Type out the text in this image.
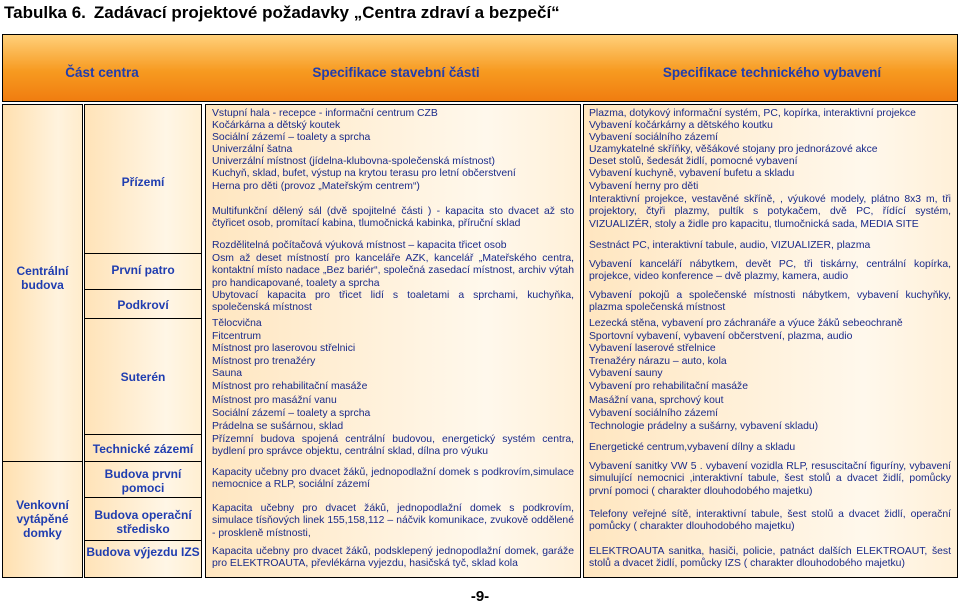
Tabulka 6. Zadávací projektové požadavky „Centra zdraví a bezpečí“
Část centra	Specifikace stavební části	Specifikace technického vybavení
Centrální budova
Venkovní vytápěné domky
Přízemí
První patro
Podkroví
Suterén
Technické zázemí
Budova první pomoci
Budova operační středisko
Budova výjezdu IZS
Vstupní hala - recepce - informační centrum CZB
Kočárkárna a dětský koutek
Sociální zázemí – toalety a sprcha
Univerzální šatna
Univerzální místnost (jídelna-klubovna-společenská místnost)
Kuchyň, sklad, bufet, výstup na krytou terasu pro letní občerstvení
Herna pro děti (provoz „Mateřským centrem“)
Multifunkční dělený sál (dvě spojitelné části ) - kapacita sto dvacet až sto čtyřicet osob, promítací kabina, tlumočnická kabinka, příruční sklad
Rozdělitelná počítačová výuková místnost – kapacita třicet osob
Osm až deset místností pro kanceláře AZK, kancelář „Mateřského centra, kontaktní místo nadace „Bez bariér“, společná zasedací místnost, archiv výtah pro handicapované, toalety a sprcha
Ubytovací kapacita pro třicet lidí s toaletami a sprchami, kuchyňka, společenská místnost
Tělocvična
Fitcentrum
Místnost pro laserovou střelnici
Místnost pro trenažéry
Sauna
Místnost pro rehabilitační masáže
Místnost pro masážní vanu
Sociální zázemí – toalety a sprcha
Prádelna se sušárnou, sklad
Přízemní budova spojená centrální budovou, energetický systém centra, bydlení pro správce objektu, centrální sklad, dílna pro výuku
Kapacity učebny pro dvacet žáků, jednopodlažní domek s podkrovím,simulace nemocnice a RLP, sociální zázemí
Kapacita učebny pro dvacet žáků, jednopodlažní domek s podkrovím, simulace tísňových linek 155,158,112 – náčvik komunikace, zvukově oddělené - proskleně místnosti,
Kapacita učebny pro dvacet žáků, podsklepený jednopodlažní domek, garáže pro ELEKTROAUTA, převlékárna vyjezdu, hasičská tyč, sklad kola
Plazma, dotykový informační systém, PC, kopírka, interaktivní projekce
Vybavení kočárkárny a dětského koutku
Vybavení sociálního zázemí
Uzamykatelné skříňky, věšákové stojany pro jednorázové akce
Deset stolů, šedesát židlí, pomocné vybavení
Vybavení kuchyně, vybavení bufetu a skladu
Vybavení herny pro děti
Interaktivní projekce, vestavěné skříně, , výukové modely, plátno 8x3 m, tři projektory, čtyři plazmy, pultík s potykačem, dvě PC, řídící systém, VIZUALIZÉR, stoly a židle pro kapacitu, tlumočnická sada, MEDIA SITE
Šestnáct PC, interaktivní tabule, audio, VIZUALIZER, plazma
Vybavení kanceláří nábytkem, devět PC, tři tiskárny, centrální kopírka, projekce, video konference – dvě plazmy, kamera, audio
Vybavení pokojů a společenské místnosti nábytkem, vybavení kuchyňky, plazma společenská místnost
Lezecká stěna, vybavení pro záchranáře a výuce žáků sebeochraně
Sportovní vybavení, vybavení občerstvení, plazma, audio
Vybavení laserové střelnice
Trenažéry nárazu – auto, kola
Vybavení sauny
Vybavení pro rehabilitační masáže
Masážní vana, sprchový kout
Vybavení sociálního zázemí
Technologie prádelny a sušárny, vybavení skladu)
Energetické centrum,vybavení dílny a skladu
Vybavení sanitky VW 5 . vybavení vozidla RLP, resuscitační figuríny, vybavení simulující nemocnici ,interaktivní tabule, šest stolů a dvacet židlí, pomůcky první pomoci ( charakter dlouhodobého majetku)
Telefony veřejné sítě, interaktivní tabule, šest stolů a dvacet židlí, operační pomůcky ( charakter dlouhodobého majetku)
ELEKTROAUTA sanitka, hasiči, policie, patnáct dalších ELEKTROAUT, šest stolů a dvacet židlí, pomůcky IZS ( charakter dlouhodobého majetku)
-9-
